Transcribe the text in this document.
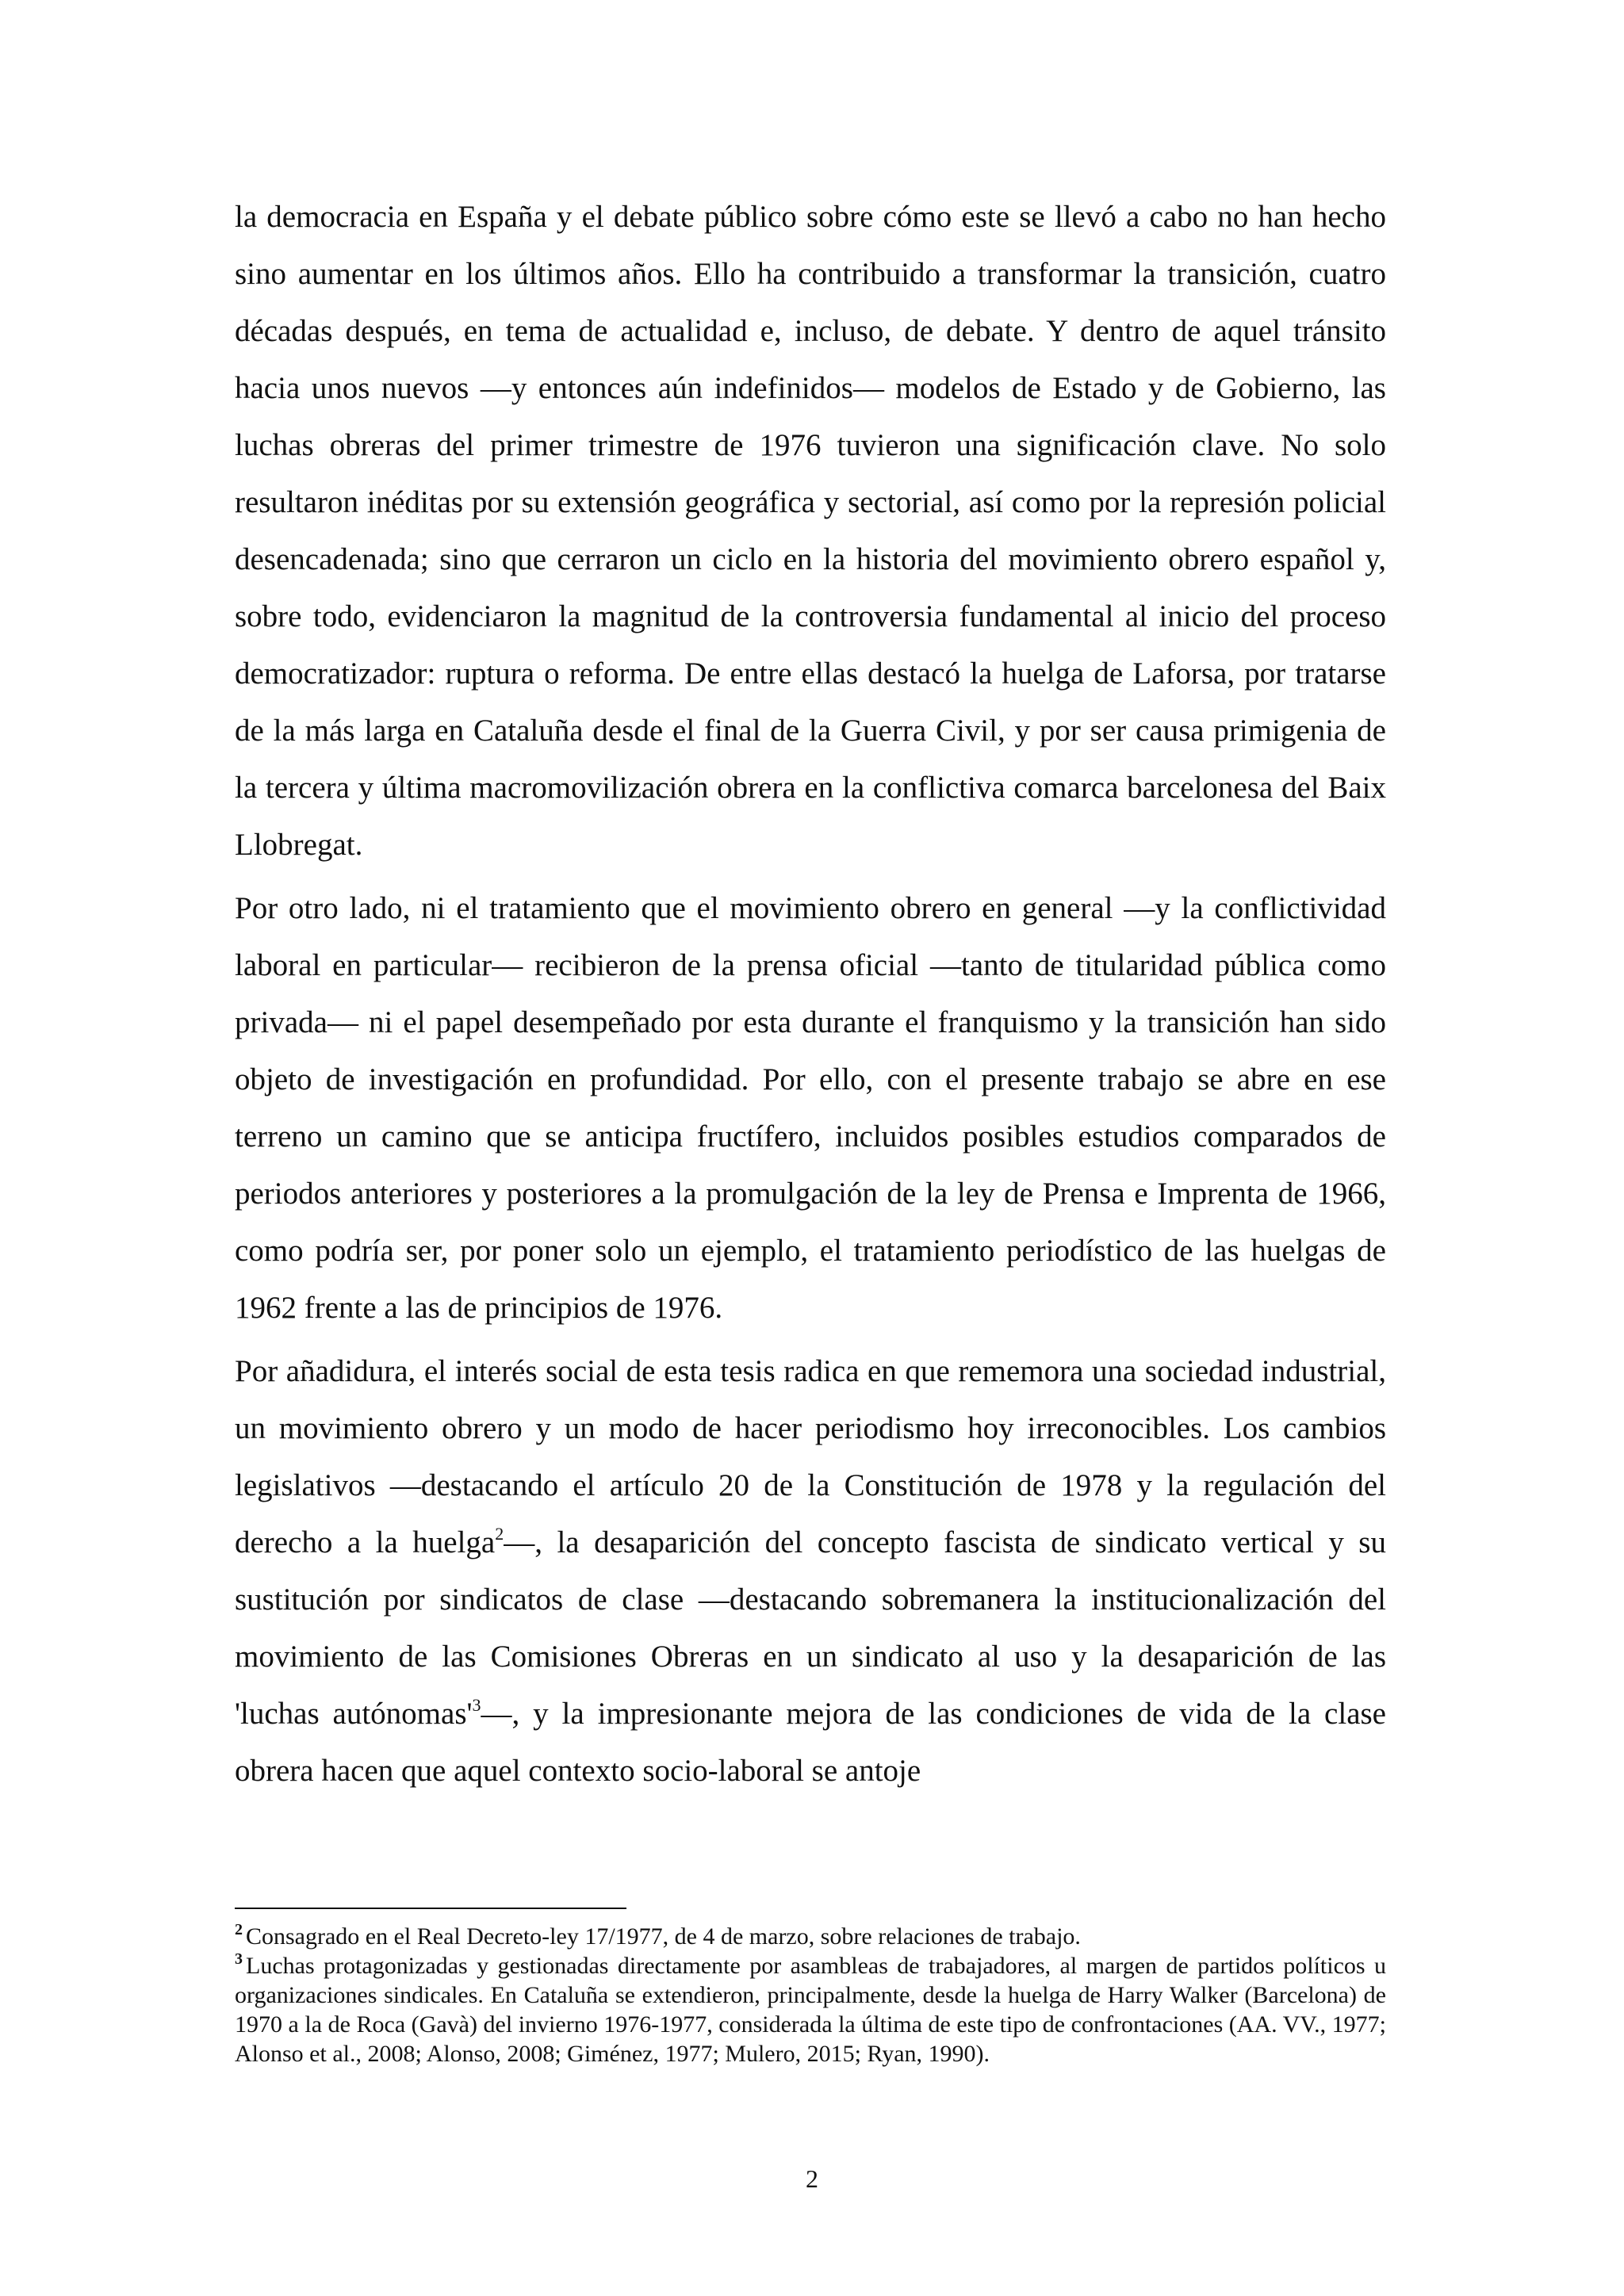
la democracia en España y el debate público sobre cómo este se llevó a cabo no han hecho sino aumentar en los últimos años. Ello ha contribuido a transformar la transición, cuatro décadas después, en tema de actualidad e, incluso, de debate. Y dentro de aquel tránsito hacia unos nuevos —y entonces aún indefinidos— modelos de Estado y de Gobierno, las luchas obreras del primer trimestre de 1976 tuvieron una significación clave. No solo resultaron inéditas por su extensión geográfica y sectorial, así como por la represión policial desencadenada; sino que cerraron un ciclo en la historia del movimiento obrero español y, sobre todo, evidenciaron la magnitud de la controversia fundamental al inicio del proceso democratizador: ruptura o reforma. De entre ellas destacó la huelga de Laforsa, por tratarse de la más larga en Cataluña desde el final de la Guerra Civil, y por ser causa primigenia de la tercera y última macromovilización obrera en la conflictiva comarca barcelonesa del Baix Llobregat.

Por otro lado, ni el tratamiento que el movimiento obrero en general —y la conflictividad laboral en particular— recibieron de la prensa oficial —tanto de titularidad pública como privada— ni el papel desempeñado por esta durante el franquismo y la transición han sido objeto de investigación en profundidad. Por ello, con el presente trabajo se abre en ese terreno un camino que se anticipa fructífero, incluidos posibles estudios comparados de periodos anteriores y posteriores a la promulgación de la ley de Prensa e Imprenta de 1966, como podría ser, por poner solo un ejemplo, el tratamiento periodístico de las huelgas de 1962 frente a las de principios de 1976.

Por añadidura, el interés social de esta tesis radica en que rememora una sociedad industrial, un movimiento obrero y un modo de hacer periodismo hoy irreconocibles. Los cambios legislativos —destacando el artículo 20 de la Constitución de 1978 y la regulación del derecho a la huelga$^2$—, la desaparición del concepto fascista de sindicato vertical y su sustitución por sindicatos de clase —destacando sobremanera la institucionalización del movimiento de las Comisiones Obreras en un sindicato al uso y la desaparición de las 'luchas $autónomas'^3—$, y la impresionante mejora de las condiciones de vida de la clase obrera hacen que aquel contexto socio-laboral se antoje

$^2$ Consagrado en el Real Decreto-ley 17/1977, de 4 de marzo, sobre relaciones de trabajo.

$^3$ Luchas protagonizadas y gestionadas directamente por asambleas de trabajadores, al margen de partidos políticos u organizaciones sindicales. En Cataluña se extendieron, principalmente, desde la huelga de Harry Walker (Barcelona) de 1970 a la de Roca (Gavà) del invierno 1976-1977, considerada la última de este tipo de confrontaciones (AA. VV., 1977; Alonso et al., 2008; Alonso, 2008; Giménez, 1977; Mulero, 2015; Ryan, 1990).

2
